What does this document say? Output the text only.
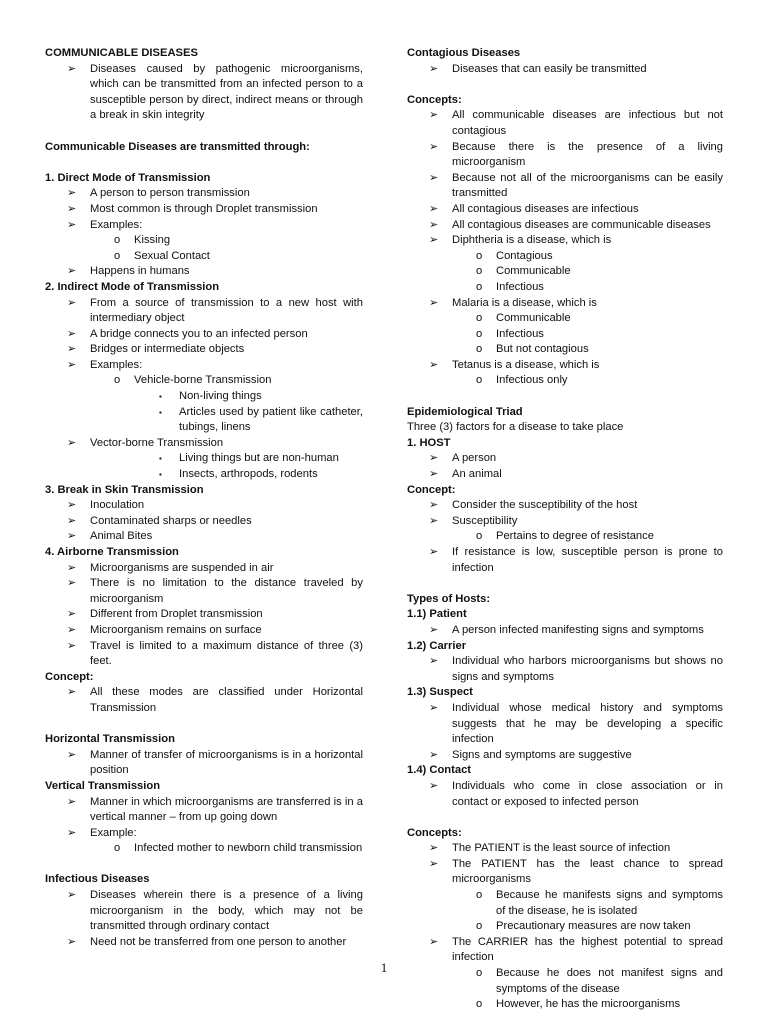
COMMUNICABLE DISEASES
➢ Diseases caused by pathogenic microorganisms, which can be transmitted from an infected person to a susceptible person by direct, indirect means or through a break in skin integrity
Communicable Diseases are transmitted through:
1. Direct Mode of Transmission
➢ A person to person transmission
➢ Most common is through Droplet transmission
➢ Examples:
o Kissing
o Sexual Contact
➢ Happens in humans
2. Indirect Mode of Transmission
➢ From a source of transmission to a new host with intermediary object
➢ A bridge connects you to an infected person
➢ Bridges or intermediate objects
➢ Examples:
o Vehicle-borne Transmission
▪ Non-living things
▪ Articles used by patient like catheter, tubings, linens
➢ Vector-borne Transmission
▪ Living things but are non-human
▪ Insects, arthropods, rodents
3. Break in Skin Transmission
➢ Inoculation
➢ Contaminated sharps or needles
➢ Animal Bites
4. Airborne Transmission
➢ Microorganisms are suspended in air
➢ There is no limitation to the distance traveled by microorganism
➢ Different from Droplet transmission
➢ Microorganism remains on surface
➢ Travel is limited to a maximum distance of three (3) feet.
Concept:
➢ All these modes are classified under Horizontal Transmission
Horizontal Transmission
➢ Manner of transfer of microorganisms is in a horizontal position
Vertical Transmission
➢ Manner in which microorganisms are transferred is in a vertical manner – from up going down
➢ Example:
o Infected mother to newborn child transmission
Infectious Diseases
➢ Diseases wherein there is a presence of a living microorganism in the body, which may not be transmitted through ordinary contact
➢ Need not be transferred from one person to another
Contagious Diseases
➢ Diseases that can easily be transmitted
Concepts:
➢ All communicable diseases are infectious but not contagious
➢ Because there is the presence of a living microorganism
➢ Because not all of the microorganisms can be easily transmitted
➢ All contagious diseases are infectious
➢ All contagious diseases are communicable diseases
➢ Diphtheria is a disease, which is
o Contagious
o Communicable
o Infectious
➢ Malaria is a disease, which is
o Communicable
o Infectious
o But not contagious
➢ Tetanus is a disease, which is
o Infectious only
Epidemiological Triad
Three (3) factors for a disease to take place
1. HOST
➢ A person
➢ An animal
Concept:
➢ Consider the susceptibility of the host
➢ Susceptibility
o Pertains to degree of resistance
➢ If resistance is low, susceptible person is prone to infection
Types of Hosts:
1.1) Patient
➢ A person infected manifesting signs and symptoms
1.2) Carrier
➢ Individual who harbors microorganisms but shows no signs and symptoms
1.3) Suspect
➢ Individual whose medical history and symptoms suggests that he may be developing a specific infection
➢ Signs and symptoms are suggestive
1.4) Contact
➢ Individuals who come in close association or in contact or exposed to infected person
Concepts:
➢ The PATIENT is the least source of infection
➢ The PATIENT has the least chance to spread microorganisms
o Because he manifests signs and symptoms of the disease, he is isolated
o Precautionary measures are now taken
➢ The CARRIER has the highest potential to spread infection
o Because he does not manifest signs and symptoms of the disease
o However, he has the microorganisms
1
